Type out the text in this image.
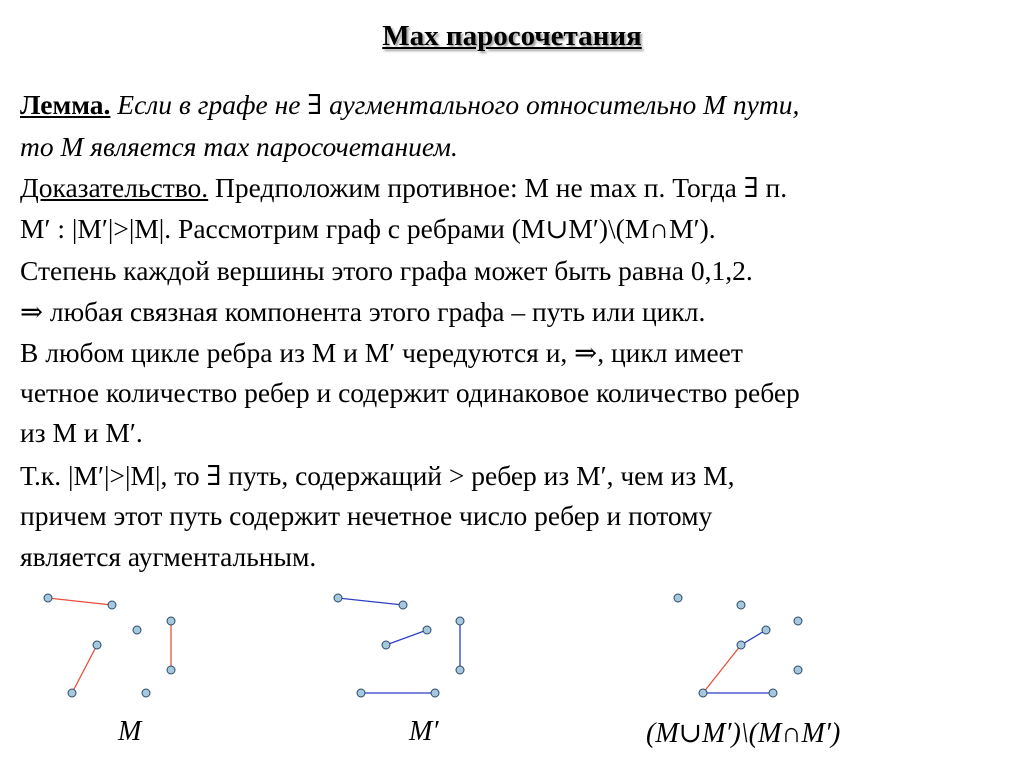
Max паросочетания
Лемма. Если в графе не ∃ аугментального относительно M пути,
то M является max паросочетанием.
Доказательство. Предположим противное: M не max п. Тогда ∃ п.
M′ : |M′|>|M|. Рассмотрим граф с ребрами (M∪M′)\(M∩M′).
Степень каждой вершины этого графа может быть равна 0,1,2.
⇒ любая связная компонента этого графа – путь или цикл.
В любом цикле ребра из M и M′ чередуются и, ⇒, цикл имеет
четное количество ребер и содержит одинаковое количество ребер
из M и M′.
Т.к. |M′|>|M|, то ∃ путь, содержащий > ребер из M′, чем из M,
причем этот путь содержит нечетное число ребер и потому
является аугментальным.
M	M′	(M∪M′)\(M∩M′)
